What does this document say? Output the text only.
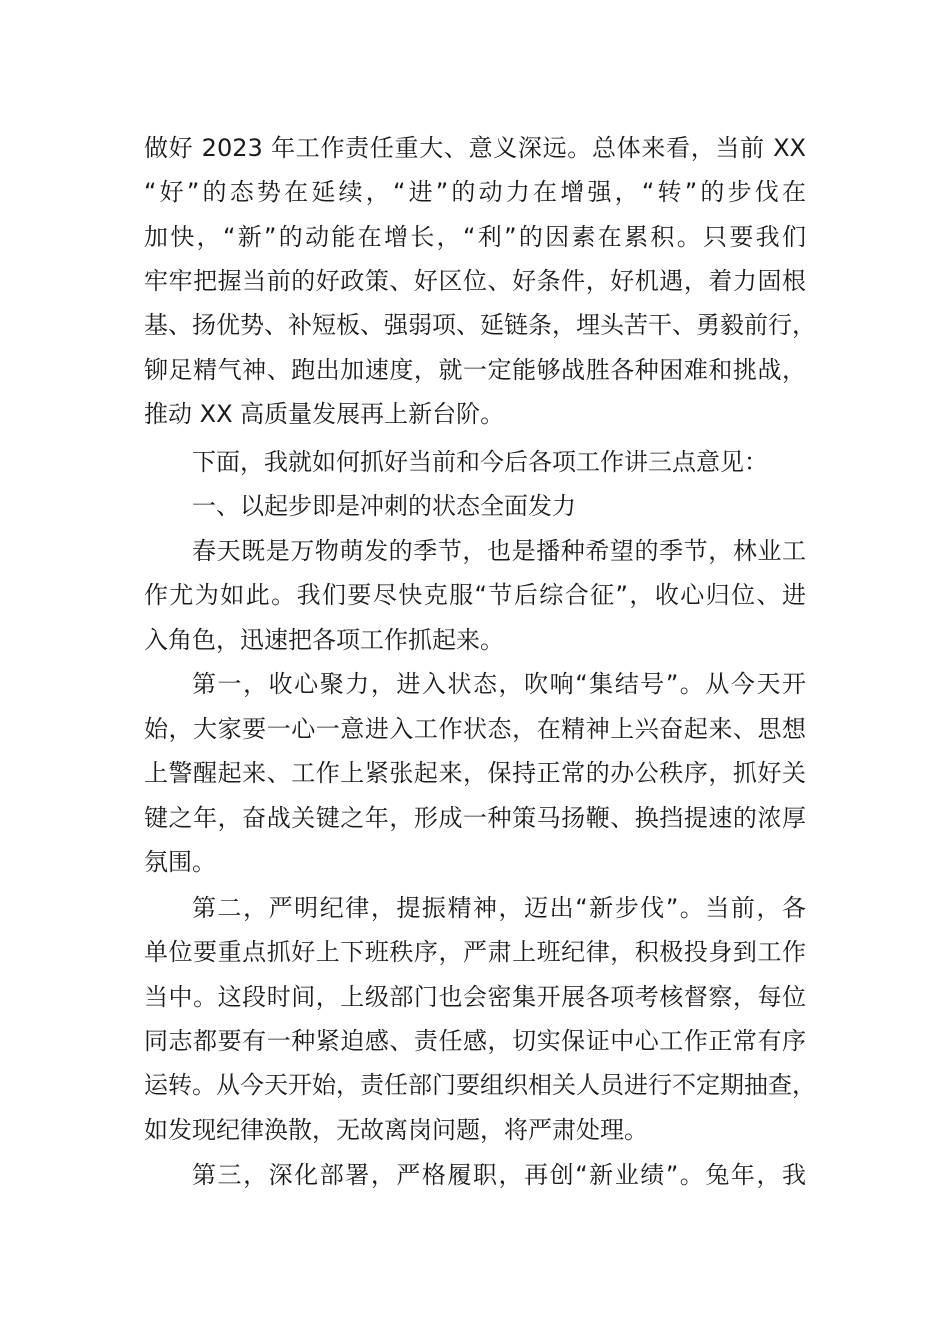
做好 2023 年工作责任重大、意义深远。总体来看，当前 XX
“好”的态势在延续，“进”的动力在增强，“转”的步伐在
加快，“新”的动能在增长，“利”的因素在累积。只要我们
牢牢把握当前的好政策、好区位、好条件，好机遇，着力固根
基、扬优势、补短板、强弱项、延链条，埋头苦干、勇毅前行，
铆足精气神、跑出加速度，就一定能够战胜各种困难和挑战，
推动 XX 高质量发展再上新台阶。
下面，我就如何抓好当前和今后各项工作讲三点意见：
一、以起步即是冲刺的状态全面发力
春天既是万物萌发的季节，也是播种希望的季节，林业工
作尤为如此。我们要尽快克服“节后综合征”，收心归位、进
入角色，迅速把各项工作抓起来。
第一，收心聚力，进入状态，吹响“集结号”。从今天开
始，大家要一心一意进入工作状态，在精神上兴奋起来、思想
上警醒起来、工作上紧张起来，保持正常的办公秩序，抓好关
键之年，奋战关键之年，形成一种策马扬鞭、换挡提速的浓厚
氛围。
第二，严明纪律，提振精神，迈出“新步伐”。当前，各
单位要重点抓好上下班秩序，严肃上班纪律，积极投身到工作
当中。这段时间，上级部门也会密集开展各项考核督察，每位
同志都要有一种紧迫感、责任感，切实保证中心工作正常有序
运转。从今天开始，责任部门要组织相关人员进行不定期抽查，
如发现纪律涣散，无故离岗问题，将严肃处理。
第三，深化部署，严格履职，再创“新业绩”。兔年，我
